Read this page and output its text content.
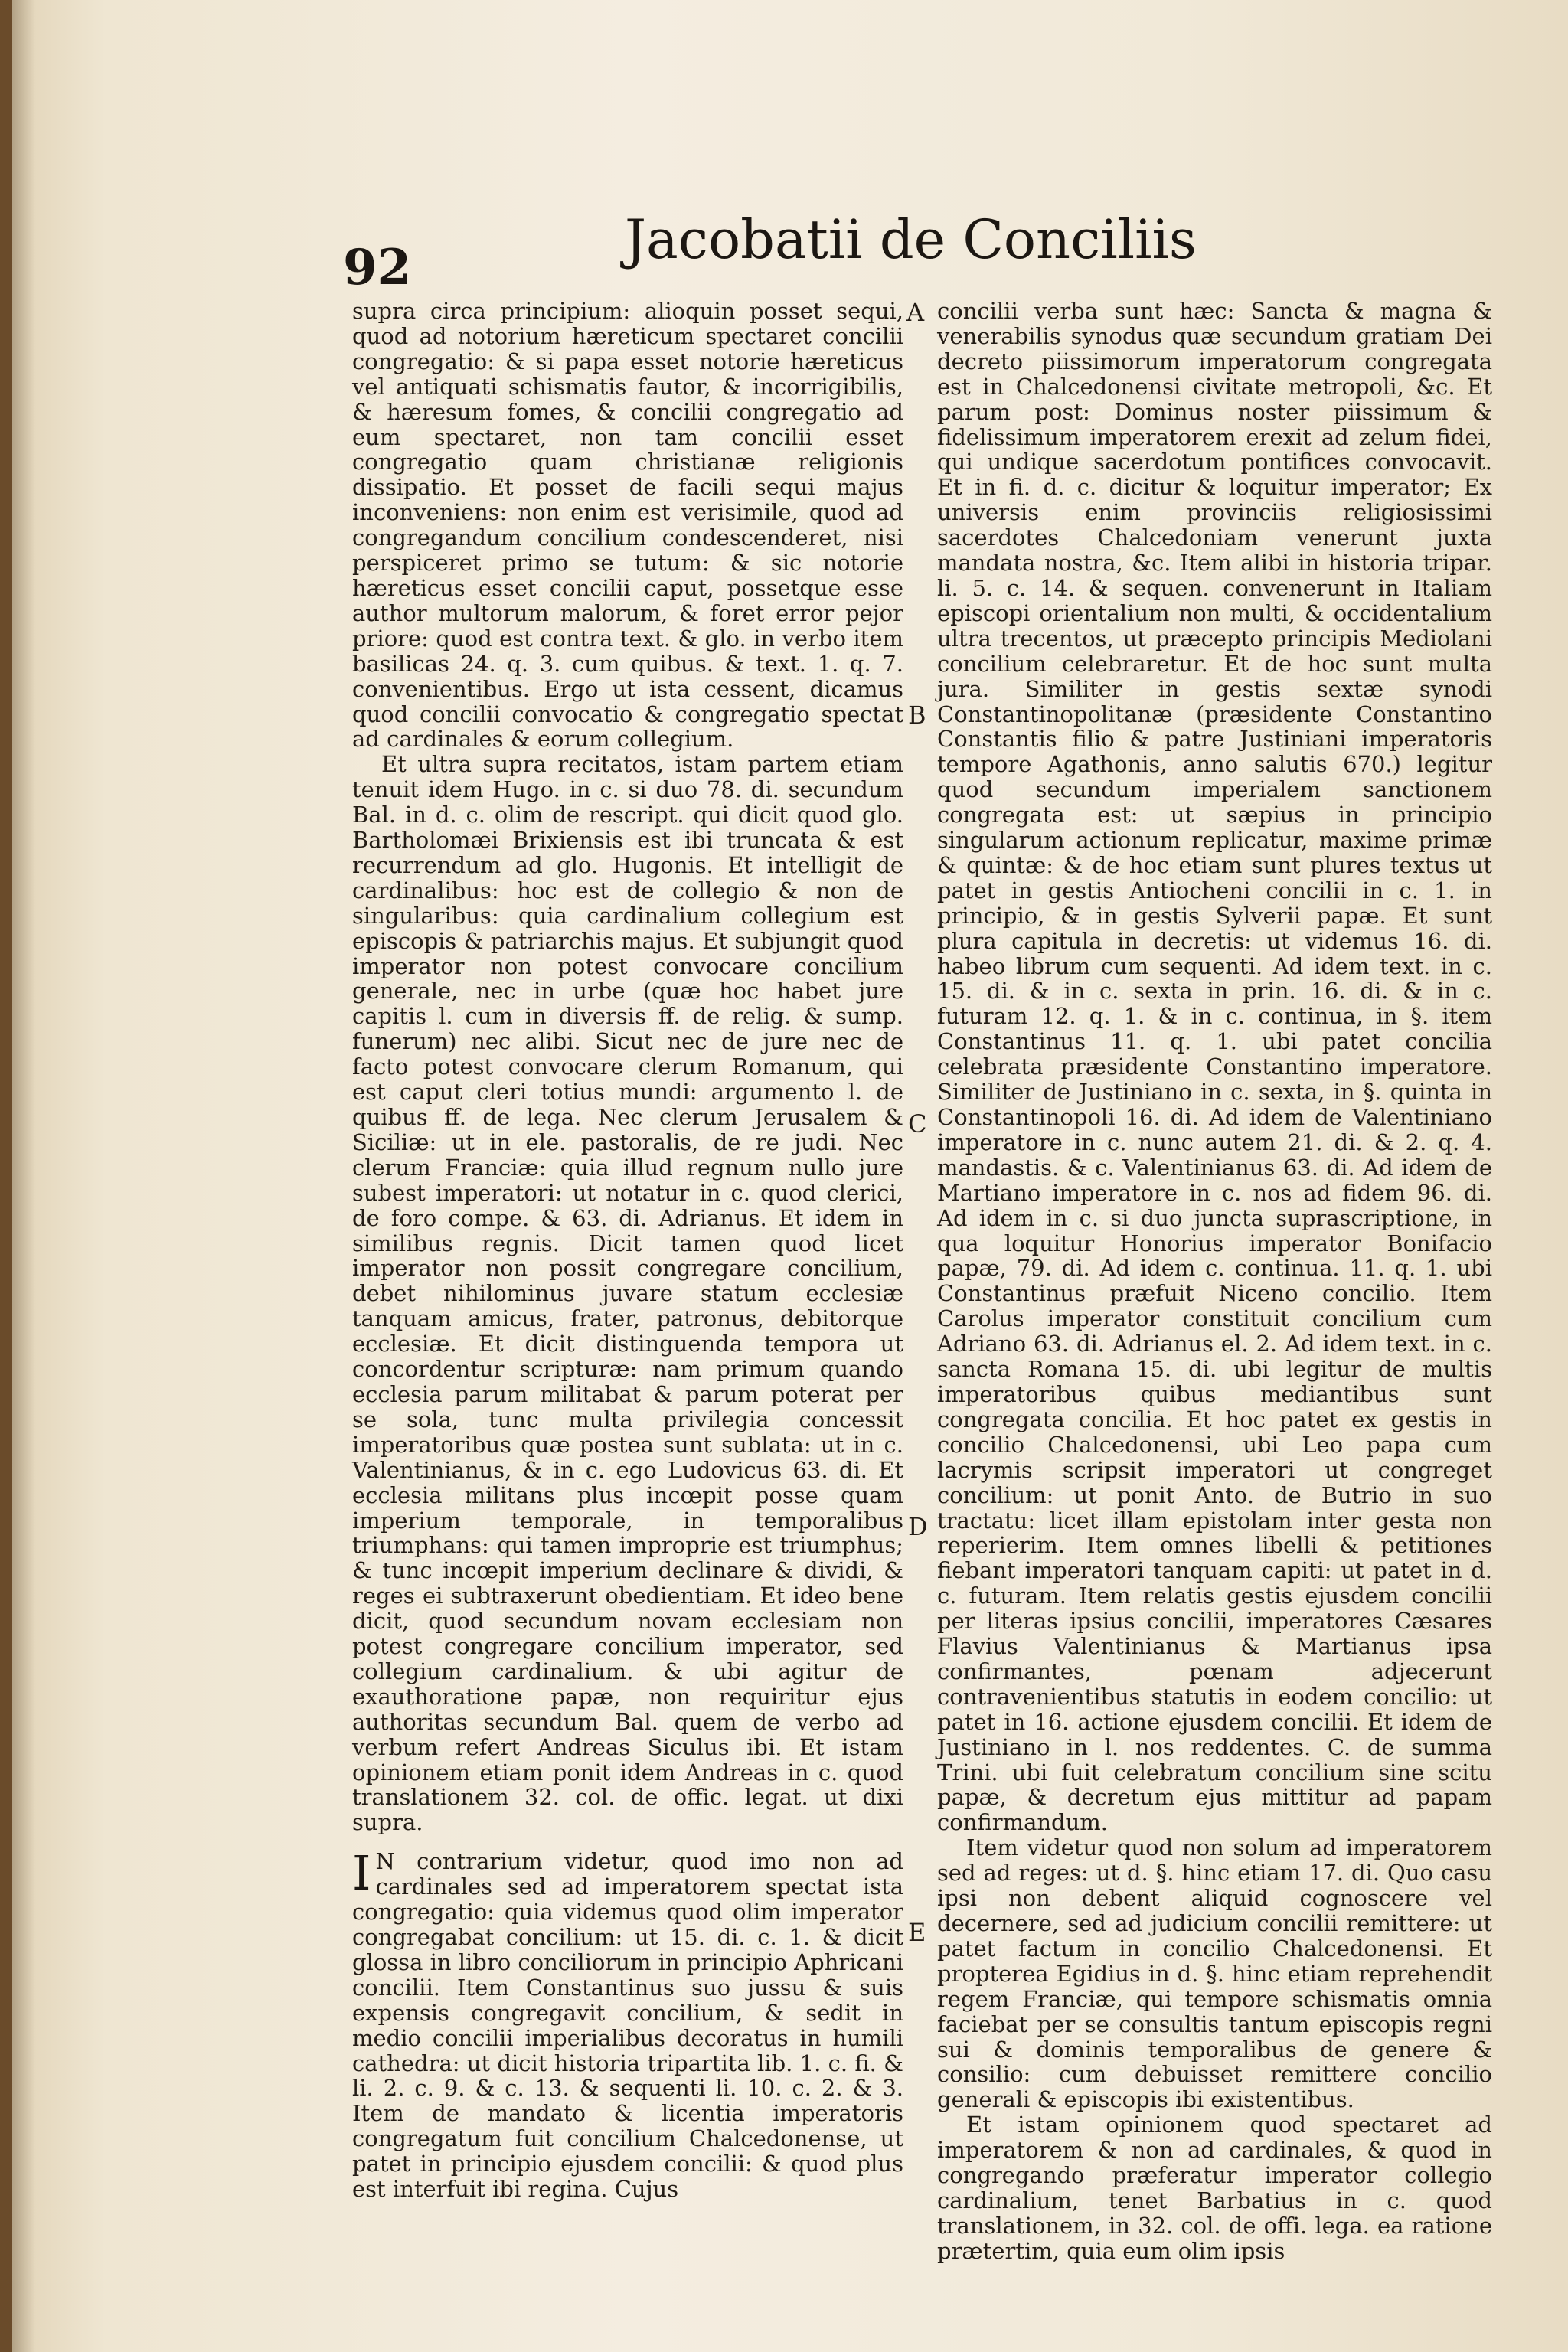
92	Jacobatii de Conciliis

supra circa principium: alioquin posset sequi, quod ad notorium hæreticum spectaret concilii congregatio: & si papa esset notorie hæreticus vel antiquati schismatis fautor, & incorrigibilis, & hæresum fomes, & concilii congregatio ad eum spectaret, non tam concilii esset congregatio quam christianæ religionis dissipatio. Et posset de facili sequi majus inconveniens: non enim est verisimile, quod ad congregandum concilium condescenderet, nisi perspiceret primo se tutum: & sic notorie hæreticus esset concilii caput, possetque esse author multorum malorum, & foret error pejor priore: quod est contra text. & glo. in verbo item basilicas 24. q. 3. cum quibus. & text. 1. q. 7. convenientibus. Ergo ut ista cessent, dicamus quod concilii convocatio & congregatio spectat ad cardinales & eorum collegium.

Et ultra supra recitatos, istam partem etiam tenuit idem Hugo. in c. si duo 78. di. secundum Bal. in d. c. olim de rescript. qui dicit quod glo. Bartholomæi Brixiensis est ibi truncata & est recurrendum ad glo. Hugonis. Et intelligit de cardinalibus: hoc est de collegio & non de singularibus: quia cardinalium collegium est episcopis & patriarchis majus. Et subjungit quod imperator non potest convocare concilium generale, nec in urbe (quæ hoc habet jure capitis l. cum in diversis ff. de relig. & sump. funerum) nec alibi. Sicut nec de jure nec de facto potest convocare clerum Romanum, qui est caput cleri totius mundi: argumento l. de quibus ff. de lega. Nec clerum Jerusalem & Siciliæ: ut in ele. pastoralis, de re judi. Nec clerum Franciæ: quia illud regnum nullo jure subest imperatori: ut notatur in c. quod clerici, de foro compe. & 63. di. Adrianus. Et idem in similibus regnis. Dicit tamen quod licet imperator non possit congregare concilium, debet nihilominus juvare statum ecclesiæ tanquam amicus, frater, patronus, debitorque ecclesiæ. Et dicit distinguenda tempora ut concordentur scripturæ: nam primum quando ecclesia parum militabat & parum poterat per se sola, tunc multa privilegia concessit imperatoribus quæ postea sunt sublata: ut in c. Valentinianus, & in c. ego Ludovicus 63. di. Et ecclesia militans plus incœpit posse quam imperium temporale, in temporalibus triumphans: qui tamen improprie est triumphus; & tunc incœpit imperium declinare & dividi, & reges ei subtraxerunt obedientiam. Et ideo bene dicit, quod secundum novam ecclesiam non potest congregare concilium imperator, sed collegium cardinalium. & ubi agitur de exauthoratione papæ, non requiritur ejus authoritas secundum Bal. quem de verbo ad verbum refert Andreas Siculus ibi. Et istam opinionem etiam ponit idem Andreas in c. quod translationem 32. col. de offic. legat. ut dixi supra.

I N contrarium videtur, quod imo non ad cardinales sed ad imperatorem spectat ista congregatio: quia videmus quod olim imperator congregabat concilium: ut 15. di. c. 1. & dicit glossa in libro conciliorum in principio Aphricani concilii. Item Constantinus suo jussu & suis expensis congregavit concilium, & sedit in medio concilii imperialibus decoratus in humili cathedra: ut dicit historia tripartita lib. 1. c. fi. & li. 2. c. 9. & c. 13. & sequenti li. 10. c. 2. & 3. Item de mandato & licentia imperatoris congregatum fuit concilium Chalcedonense, ut patet in principio ejusdem concilii: & quod plus est interfuit ibi regina. Cujus

A
B
C
D
E

concilii verba sunt hæc: Sancta & magna & venerabilis synodus quæ secundum gratiam Dei decreto piissimorum imperatorum congregata est in Chalcedonensi civitate metropoli, &c. Et parum post: Dominus noster piissimum & fidelissimum imperatorem erexit ad zelum fidei, qui undique sacerdotum pontifices convocavit. Et in fi. d. c. dicitur & loquitur imperator; Ex universis enim provinciis religiosissimi sacerdotes Chalcedoniam venerunt juxta mandata nostra, &c. Item alibi in historia tripar. li. 5. c. 14. & sequen. convenerunt in Italiam episcopi orientalium non multi, & occidentalium ultra trecentos, ut præcepto principis Mediolani concilium celebraretur. Et de hoc sunt multa jura. Similiter in gestis sextæ synodi Constantinopolitanæ (præsidente Constantino Constantis filio & patre Justiniani imperatoris tempore Agathonis, anno salutis 670.) legitur quod secundum imperialem sanctionem congregata est: ut sæpius in principio singularum actionum replicatur, maxime primæ & quintæ: & de hoc etiam sunt plures textus ut patet in gestis Antiocheni concilii in c. 1. in principio, & in gestis Sylverii papæ. Et sunt plura capitula in decretis: ut videmus 16. di. habeo librum cum sequenti. Ad idem text. in c. 15. di. & in c. sexta in prin. 16. di. & in c. futuram 12. q. 1. & in c. continua, in §. item Constantinus 11. q. 1. ubi patet concilia celebrata præsidente Constantino imperatore. Similiter de Justiniano in c. sexta, in §. quinta in Constantinopoli 16. di. Ad idem de Valentiniano imperatore in c. nunc autem 21. di. & 2. q. 4. mandastis. & c. Valentinianus 63. di. Ad idem de Martiano imperatore in c. nos ad fidem 96. di. Ad idem in c. si duo juncta suprascriptione, in qua loquitur Honorius imperator Bonifacio papæ, 79. di. Ad idem c. continua. 11. q. 1. ubi Constantinus præfuit Niceno concilio. Item Carolus imperator constituit concilium cum Adriano 63. di. Adrianus el. 2. Ad idem text. in c. sancta Romana 15. di. ubi legitur de multis imperatoribus quibus mediantibus sunt congregata concilia. Et hoc patet ex gestis in concilio Chalcedonensi, ubi Leo papa cum lacrymis scripsit imperatori ut congreget concilium: ut ponit Anto. de Butrio in suo tractatu: licet illam epistolam inter gesta non reperierim. Item omnes libelli & petitiones fiebant imperatori tanquam capiti: ut patet in d. c. futuram. Item relatis gestis ejusdem concilii per literas ipsius concilii, imperatores Cæsares Flavius Valentinianus & Martianus ipsa confirmantes, pœnam adjecerunt contravenientibus statutis in eodem concilio: ut patet in 16. actione ejusdem concilii. Et idem de Justiniano in l. nos reddentes. C. de summa Trini. ubi fuit celebratum concilium sine scitu papæ, & decretum ejus mittitur ad papam confirmandum.

Item videtur quod non solum ad imperatorem sed ad reges: ut d. §. hinc etiam 17. di. Quo casu ipsi non debent aliquid cognoscere vel decernere, sed ad judicium concilii remittere: ut patet factum in concilio Chalcedonensi. Et propterea Egidius in d. §. hinc etiam reprehendit regem Franciæ, qui tempore schismatis omnia faciebat per se consultis tantum episcopis regni sui & dominis temporalibus de genere & consilio: cum debuisset remittere concilio generali & episcopis ibi existentibus.

Et istam opinionem quod spectaret ad imperatorem & non ad cardinales, & quod in congregando præferatur imperator collegio cardinalium, tenet Barbatius in c. quod translationem, in 32. col. de offi. lega. ea ratione prætertim, quia eum olim ipsis
